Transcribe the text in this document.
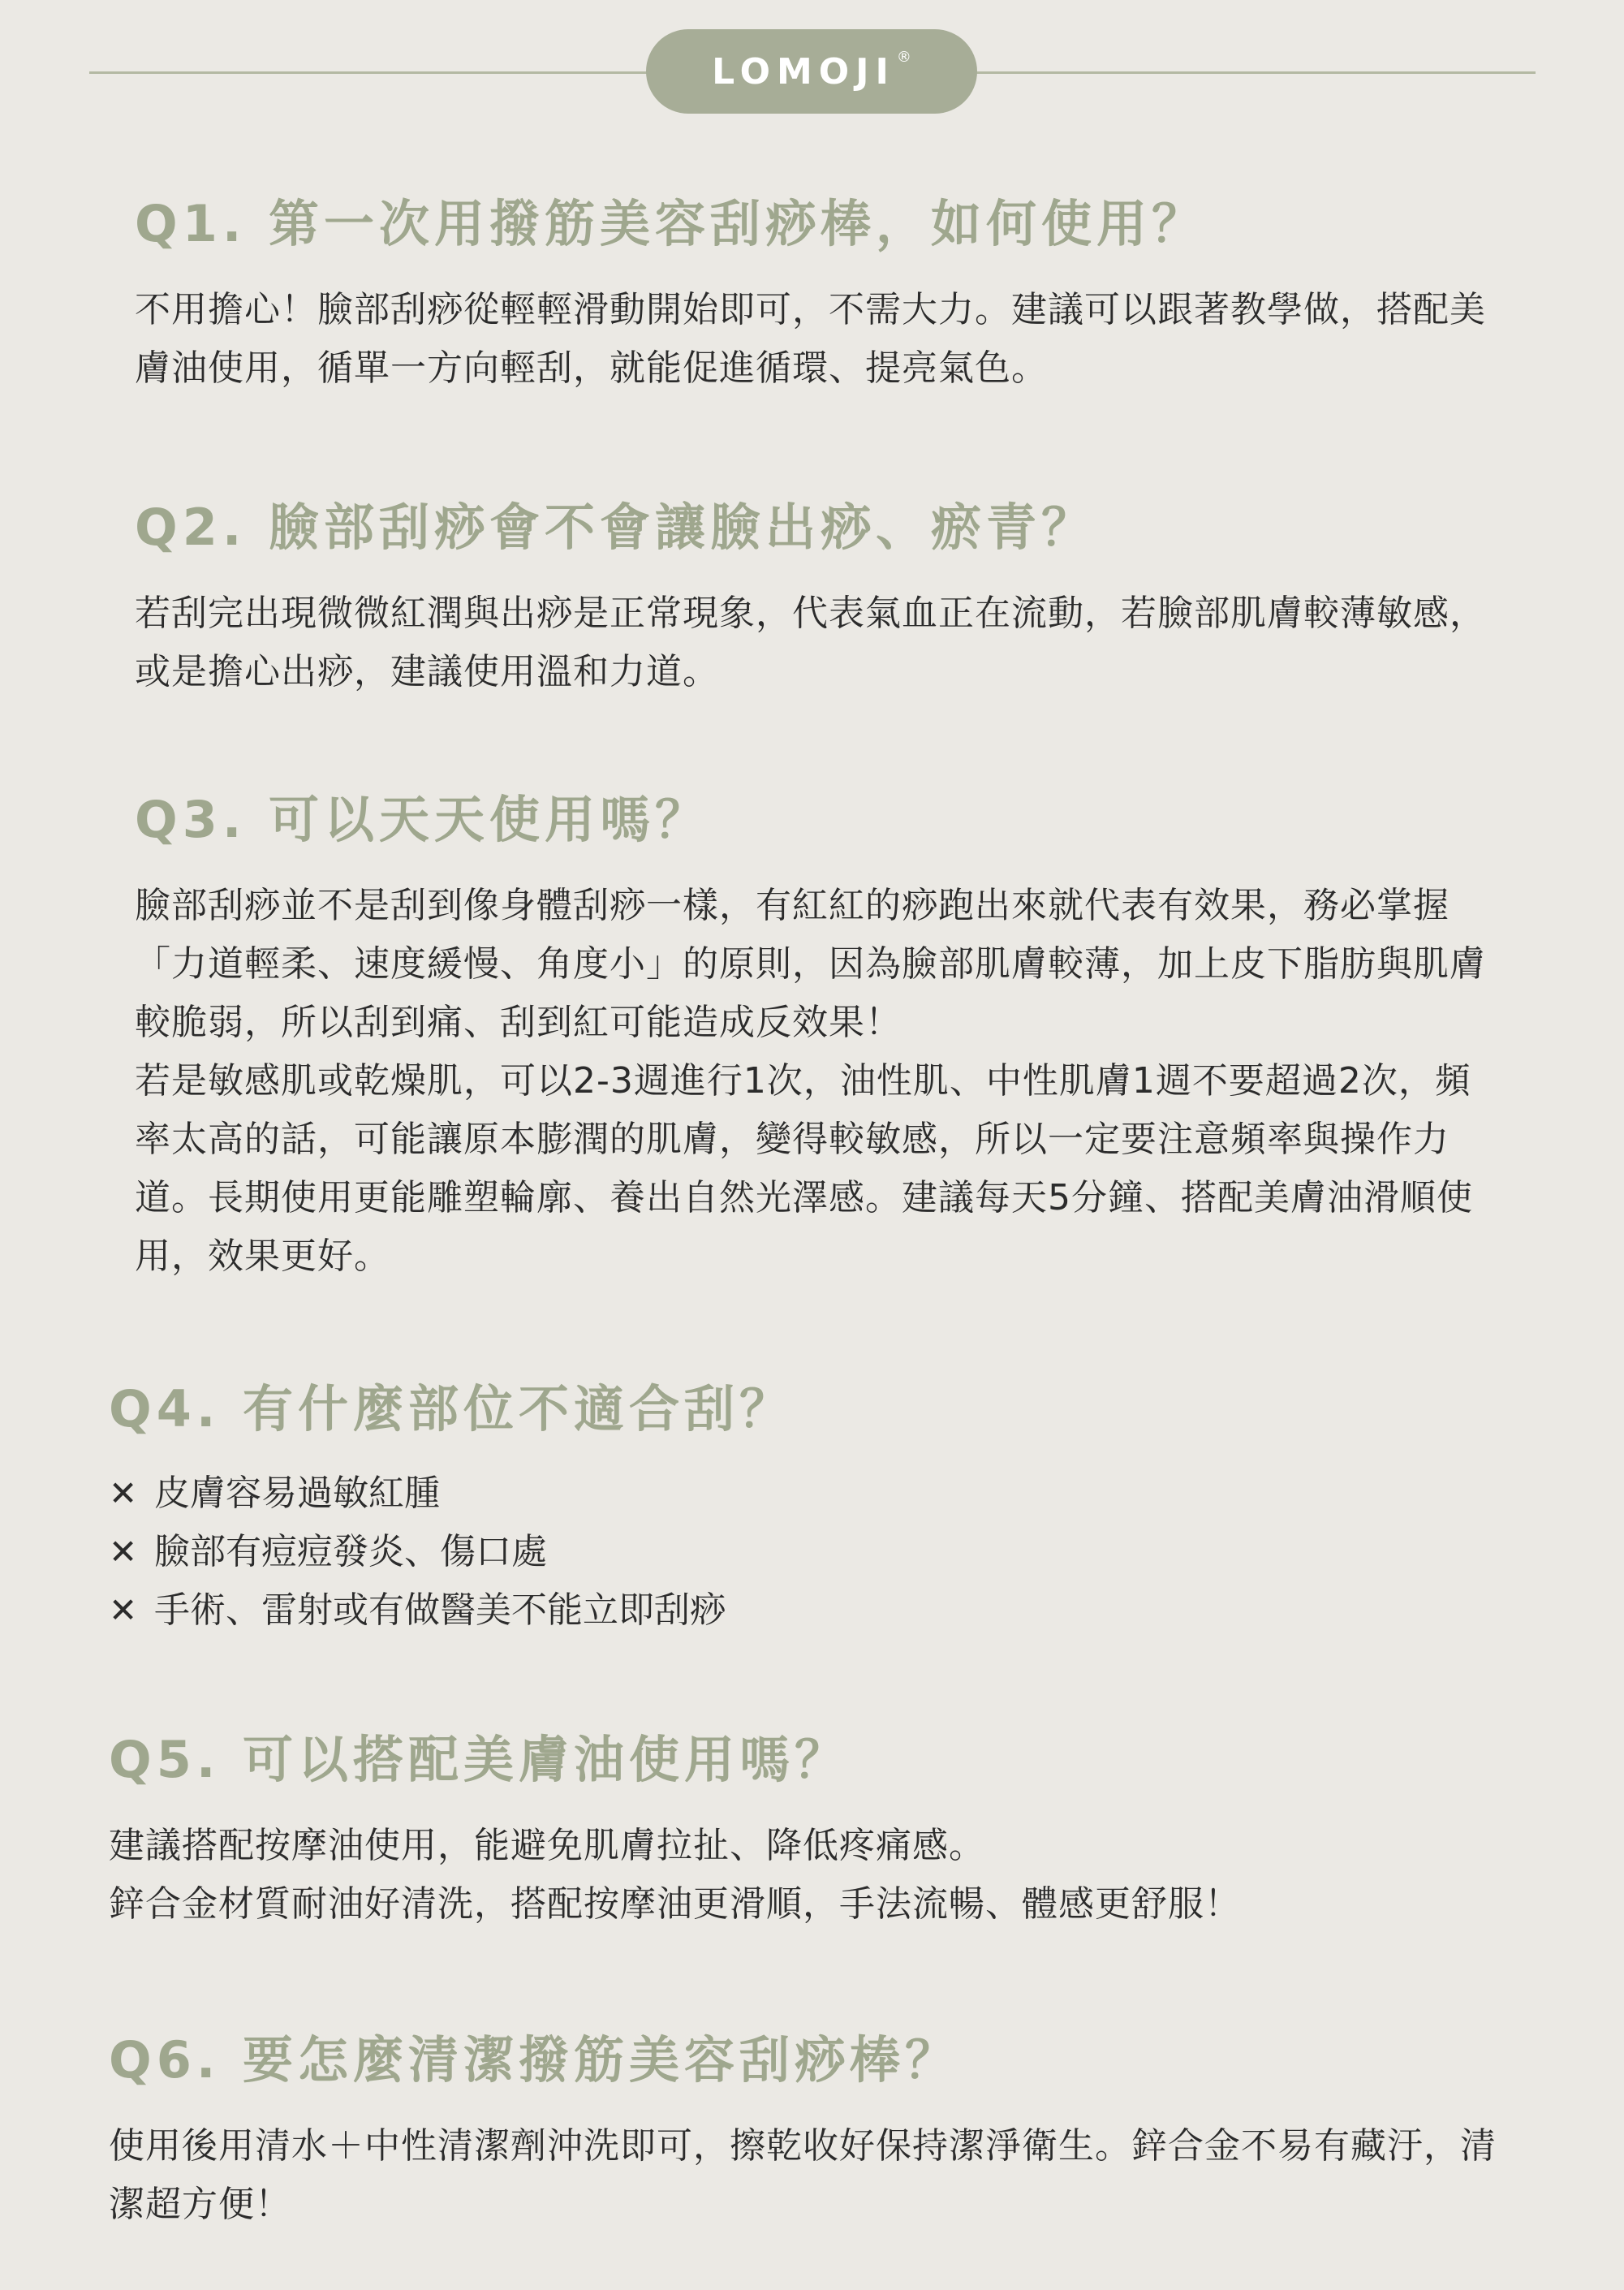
LOMOJI ®
Q1. 第一次用撥筋美容刮痧棒，如何使用？

不用擔心！臉部刮痧從輕輕滑動開始即可，不需大力。建議可以跟著教學做，搭配美膚油使用，循單一方向輕刮，就能促進循環、提亮氣色。

Q2. 臉部刮痧會不會讓臉出痧、瘀青？

若刮完出現微微紅潤與出痧是正常現象，代表氣血正在流動，若臉部肌膚較薄敏感，或是擔心出痧，建議使用溫和力道。

Q3. 可以天天使用嗎？

臉部刮痧並不是刮到像身體刮痧一樣，有紅紅的痧跑出來就代表有效果，務必掌握「力道輕柔、速度緩慢、角度小」的原則，因為臉部肌膚較薄，加上皮下脂肪與肌膚較脆弱，所以刮到痛、刮到紅可能造成反效果！

若是敏感肌或乾燥肌，可以2-3週進行1次，油性肌、中性肌膚1週不要超過2次，頻率太高的話，可能讓原本膨潤的肌膚，變得較敏感，所以一定要注意頻率與操作力道。長期使用更能雕塑輪廓、養出自然光澤感。建議每天5分鐘、搭配美膚油滑順使用，效果更好。

Q4. 有什麼部位不適合刮？
✕ 皮膚容易過敏紅腫
✕ 臉部有痘痘發炎、傷口處
✕ 手術、雷射或有做醫美不能立即刮痧
Q5. 可以搭配美膚油使用嗎？

建議搭配按摩油使用，能避免肌膚拉扯、降低疼痛感。

鋅合金材質耐油好清洗，搭配按摩油更滑順，手法流暢、體感更舒服！

Q6. 要怎麼清潔撥筋美容刮痧棒？

使用後用清水＋中性清潔劑沖洗即可，擦乾收好保持潔淨衛生。鋅合金不易有藏汙，清潔超方便！
